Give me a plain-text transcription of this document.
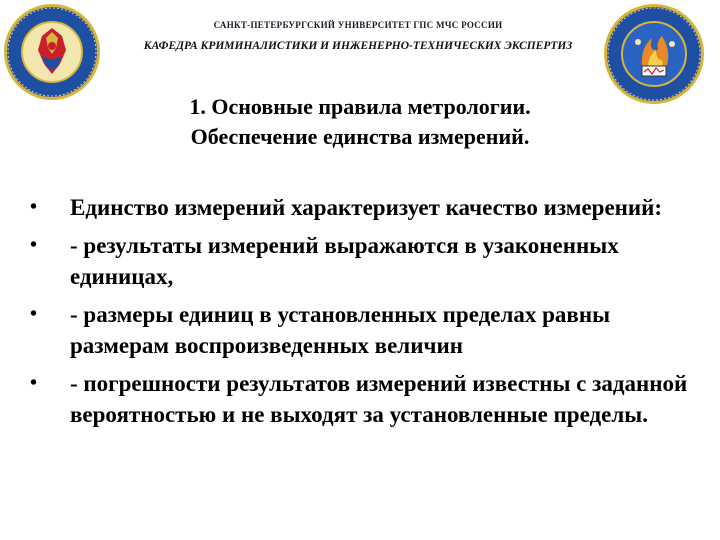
САНКТ-ПЕТЕРБУРГСКИЙ УНИВЕРСИТЕТ ГПС МЧС РОССИИ
КАФЕДРА КРИМИНАЛИСТИКИ И ИНЖЕНЕРНО-ТЕХНИЧЕСКИХ ЭКСПЕРТИЗ
1. Основные правила метрологии.
Обеспечение единства измерений.
• Единство измерений характеризует качество измерений:
• - результаты измерений выражаются в узаконенных единицах,
• - размеры единиц в установленных пределах равны размерам воспроизведенных величин
• - погрешности результатов измерений известны с заданной вероятностью и не выходят за установленные пределы.
